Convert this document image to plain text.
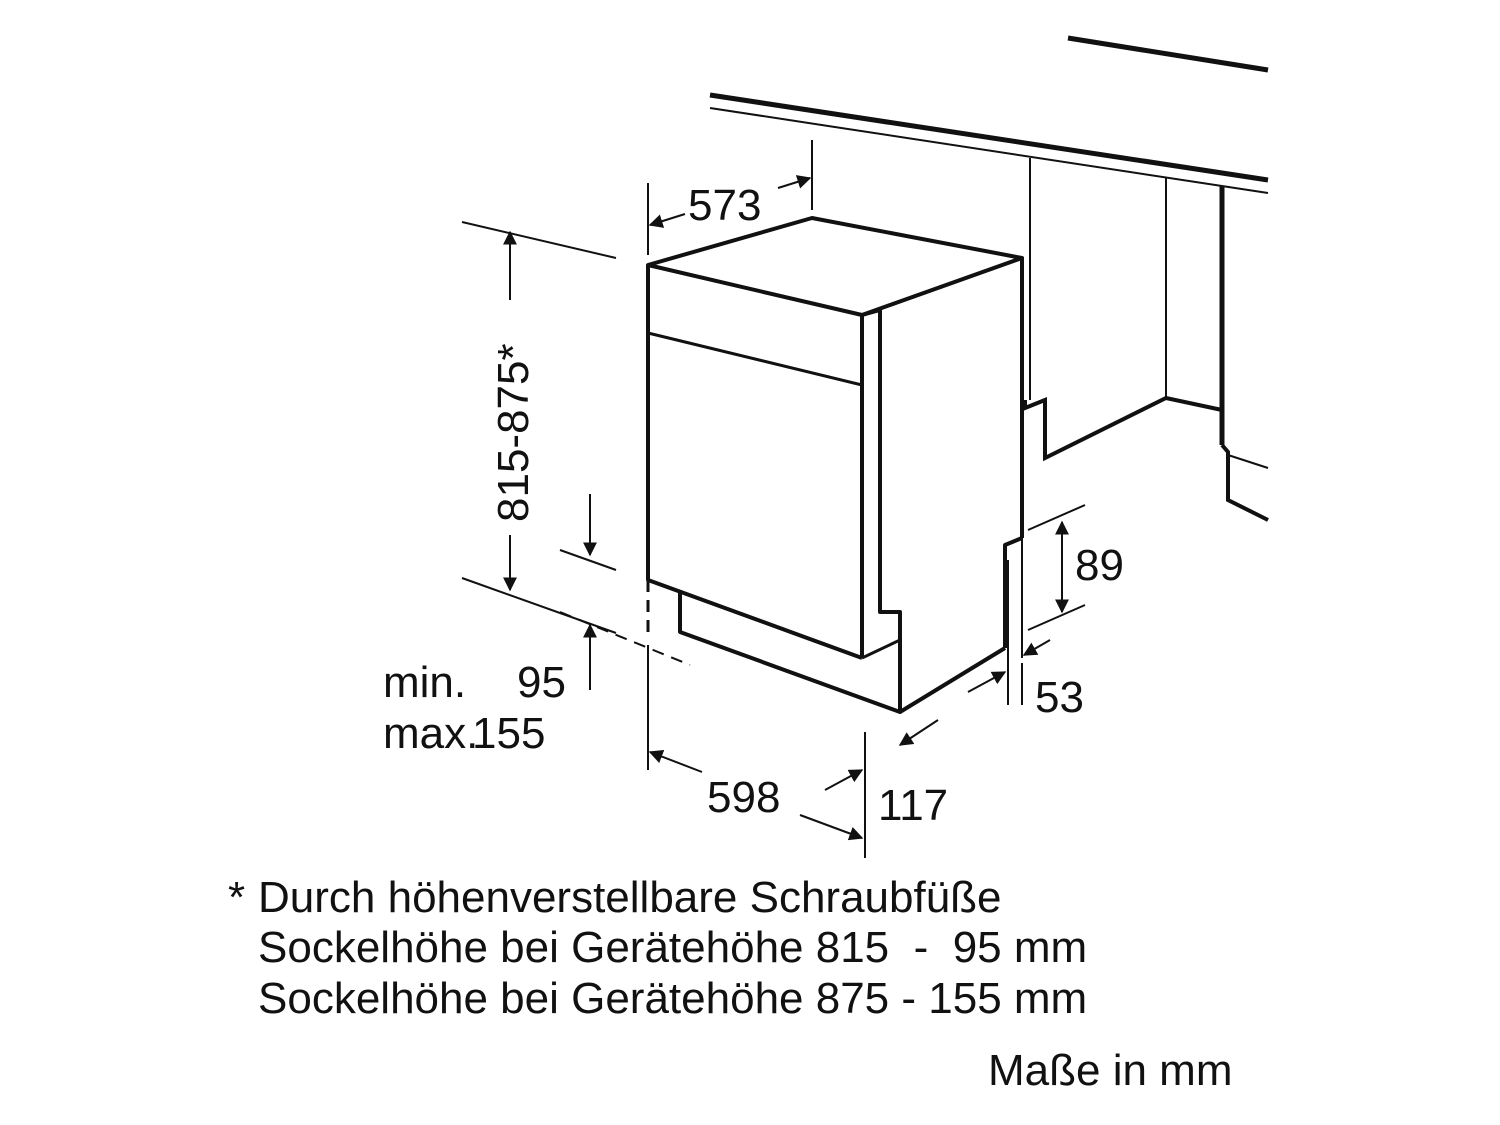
573
815-875*
min. 95
max.
155
598 117
89
53
* Durch höhenverstellbare Schraubfüße
Sockelhöhe bei Gerätehöhe 815  -  95 mm
Sockelhöhe bei Gerätehöhe 875 - 155 mm
Maße in mm
